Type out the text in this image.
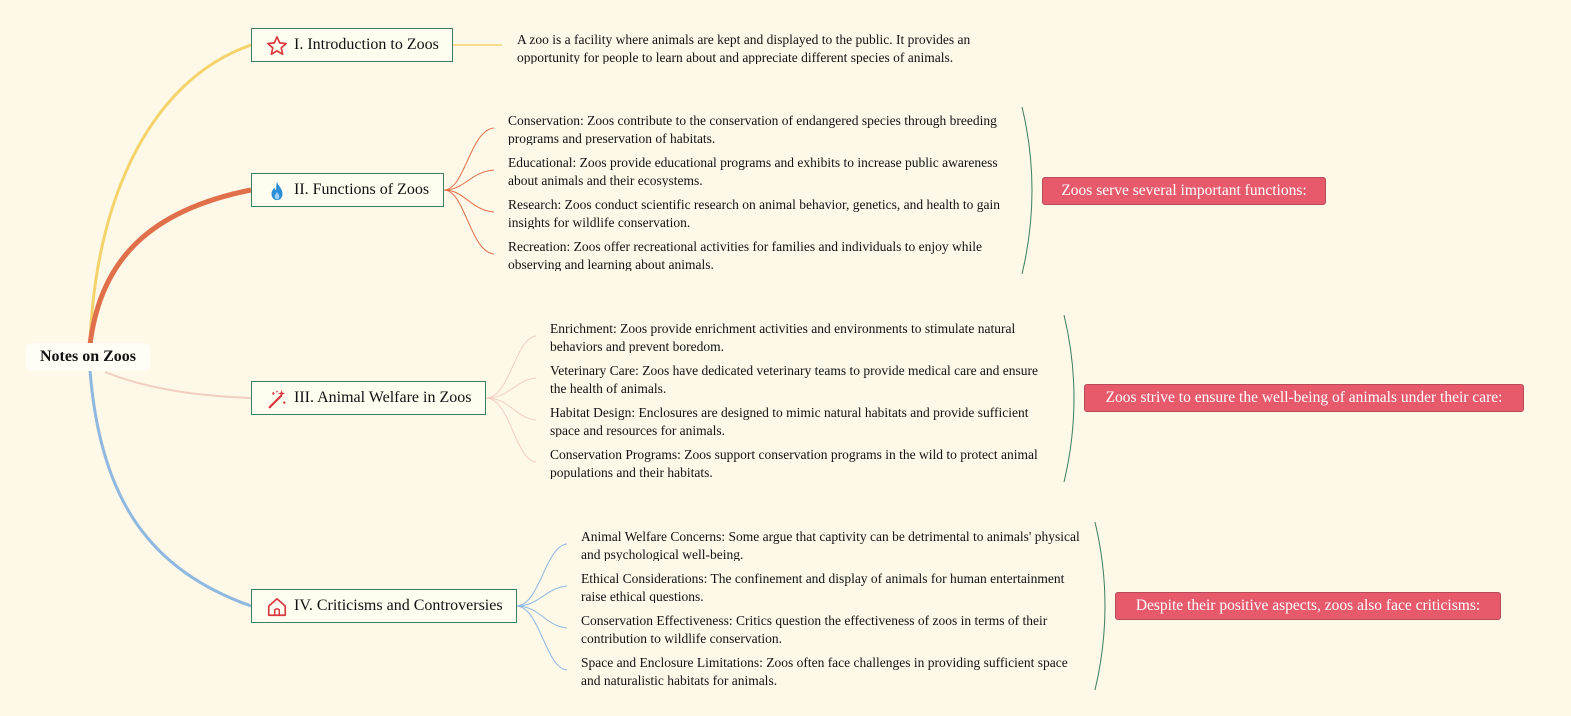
Notes on Zoos
I. Introduction to Zoos	A zoo is a facility where animals are kept and displayed to the public. It provides an opportunity for people to learn about and appreciate different species of animals.
II. Functions of Zoos
Conservation: Zoos contribute to the conservation of endangered species through breeding programs and preservation of habitats.
Educational: Zoos provide educational programs and exhibits to increase public awareness about animals and their ecosystems.
Research: Zoos conduct scientific research on animal behavior, genetics, and health to gain insights for wildlife conservation.
Recreation: Zoos offer recreational activities for families and individuals to enjoy while observing and learning about animals.
Zoos serve several important functions:
III. Animal Welfare in Zoos
Enrichment: Zoos provide enrichment activities and environments to stimulate natural behaviors and prevent boredom.
Veterinary Care: Zoos have dedicated veterinary teams to provide medical care and ensure the health of animals.
Habitat Design: Enclosures are designed to mimic natural habitats and provide sufficient space and resources for animals.
Conservation Programs: Zoos support conservation programs in the wild to protect animal populations and their habitats.
Zoos strive to ensure the well-being of animals under their care:
IV. Criticisms and Controversies
Animal Welfare Concerns: Some argue that captivity can be detrimental to animals' physical and psychological well-being.
Ethical Considerations: The confinement and display of animals for human entertainment raise ethical questions.
Conservation Effectiveness: Critics question the effectiveness of zoos in terms of their contribution to wildlife conservation.
Space and Enclosure Limitations: Zoos often face challenges in providing sufficient space and naturalistic habitats for animals.
Despite their positive aspects, zoos also face criticisms:
